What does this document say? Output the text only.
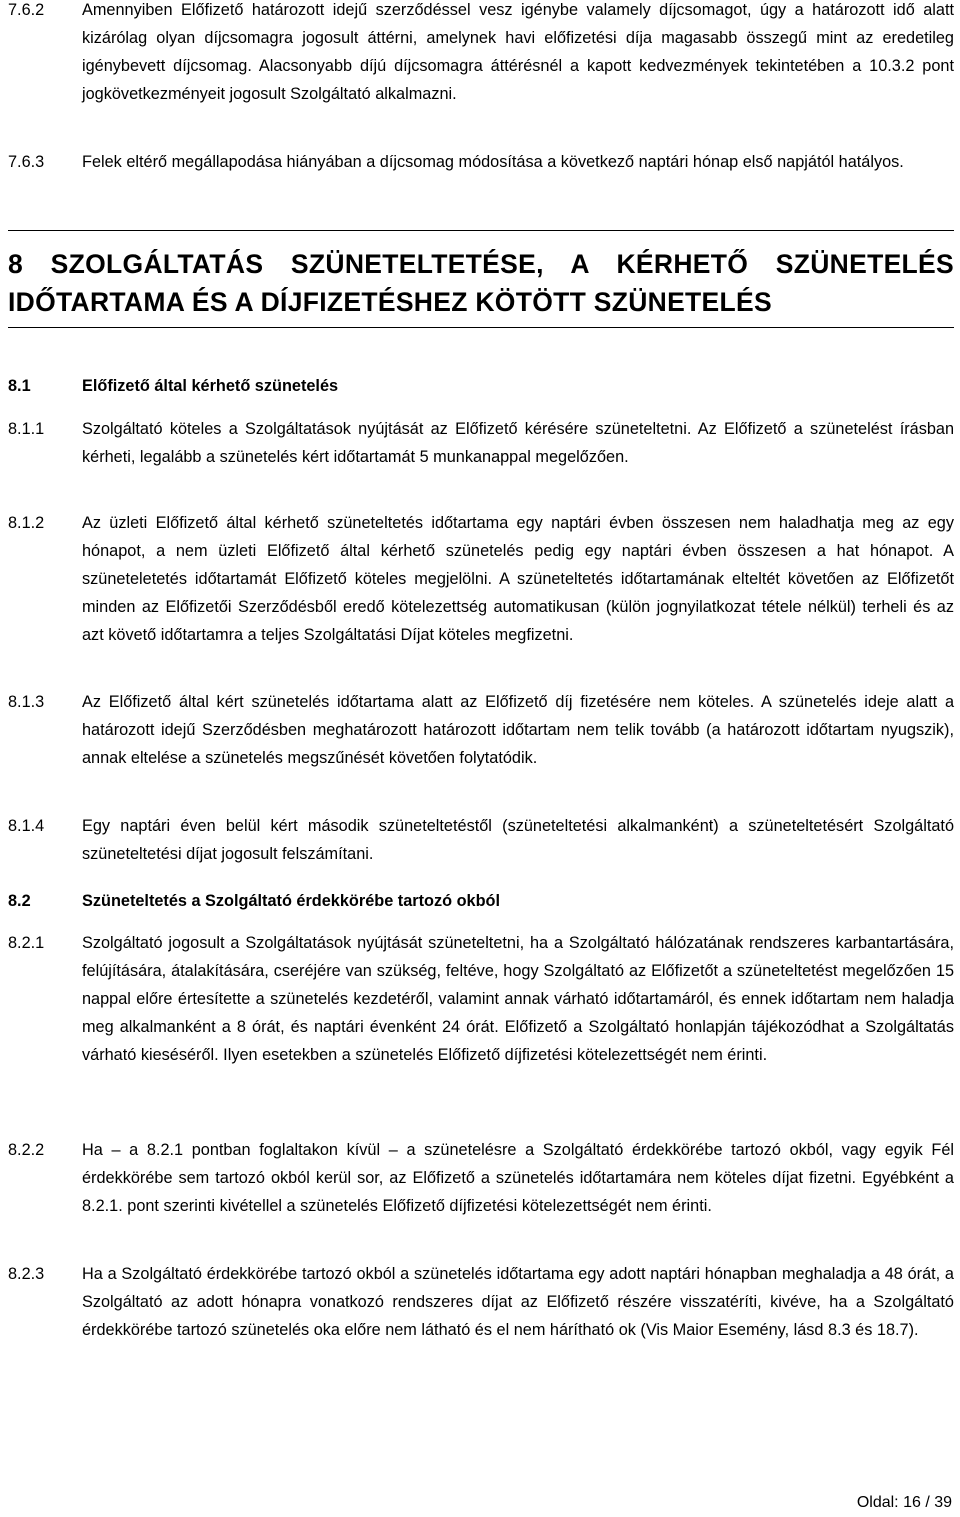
7.6.2	Amennyiben Előfizető határozott idejű szerződéssel vesz igénybe valamely díjcsomagot, úgy a határozott idő alatt kizárólag olyan díjcsomagra jogosult áttérni, amelynek havi előfizetési díja magasabb összegű mint az eredetileg igénybevett díjcsomag. Alacsonyabb díjú díjcsomagra áttérésnél a kapott kedvezmények tekintetében a 10.3.2 pont jogkövetkezményeit jogosult Szolgáltató alkalmazni.
7.6.3	Felek eltérő megállapodása hiányában a díjcsomag módosítása a következő naptári hónap első napjától hatályos.
8 SZOLGÁLTATÁS SZÜNETELTETÉSE, A KÉRHETŐ SZÜNETELÉS IDŐTARTAMA ÉS A DÍJFIZETÉSHEZ KÖTÖTT SZÜNETELÉS
8.1	Előfizető által kérhető szünetelés
8.1.1	Szolgáltató köteles a Szolgáltatások nyújtását az Előfizető kérésére szüneteltetni. Az Előfizető a szünetelést írásban kérheti, legalább a szünetelés kért időtartamát 5 munkanappal megelőzően.
8.1.2	Az üzleti Előfizető által kérhető szüneteltetés időtartama egy naptári évben összesen nem haladhatja meg az egy hónapot, a nem üzleti Előfizető által kérhető szünetelés pedig egy naptári évben összesen a hat hónapot. A szüneteletetés időtartamát Előfizető köteles megjelölni. A szüneteltetés időtartamának elteltét követően az Előfizetőt minden az Előfizetői Szerződésből eredő kötelezettség automatikusan (külön jognyilatkozat tétele nélkül) terheli és az azt követő időtartamra a teljes Szolgáltatási Díjat köteles megfizetni.
8.1.3	Az Előfizető által kért szünetelés időtartama alatt az Előfizető díj fizetésére nem köteles. A szünetelés ideje alatt a határozott idejű Szerződésben meghatározott határozott időtartam nem telik tovább (a határozott időtartam nyugszik), annak eltelése a szünetelés megszűnését követően folytatódik.
8.1.4	Egy naptári éven belül kért második szüneteltetéstől (szüneteltetési alkalmanként) a szüneteltetésért Szolgáltató szüneteltetési díjat jogosult felszámítani.
8.2	Szüneteltetés a Szolgáltató érdekkörébe tartozó okból
8.2.1	Szolgáltató jogosult a Szolgáltatások nyújtását szüneteltetni, ha a Szolgáltató hálózatának rendszeres karbantartására, felújítására, átalakítására, cseréjére van szükség, feltéve, hogy Szolgáltató az Előfizetőt a szüneteltetést megelőzően 15 nappal előre értesítette a szünetelés kezdetéről, valamint annak várható időtartamáról, és ennek időtartam nem haladja meg alkalmanként a 8 órát, és naptári évenként 24 órát. Előfizető a Szolgáltató honlapján tájékozódhat a Szolgáltatás várható kieséséről. Ilyen esetekben a szünetelés Előfizető díjfizetési kötelezettségét nem érinti.
8.2.2	Ha – a 8.2.1 pontban foglaltakon kívül – a szünetelésre a Szolgáltató érdekkörébe tartozó okból, vagy egyik Fél érdekkörébe sem tartozó okból kerül sor, az Előfizető a szünetelés időtartamára nem köteles díjat fizetni. Egyébként a 8.2.1. pont szerinti kivétellel a szünetelés Előfizető díjfizetési kötelezettségét nem érinti.
8.2.3	Ha a Szolgáltató érdekkörébe tartozó okból a szünetelés időtartama egy adott naptári hónapban meghaladja a 48 órát, a Szolgáltató az adott hónapra vonatkozó rendszeres díjat az Előfizető részére visszatéríti, kivéve, ha a Szolgáltató érdekkörébe tartozó szünetelés oka előre nem látható és el nem hárítható ok (Vis Maior Esemény, lásd 8.3 és 18.7).
Oldal: 16 / 39
